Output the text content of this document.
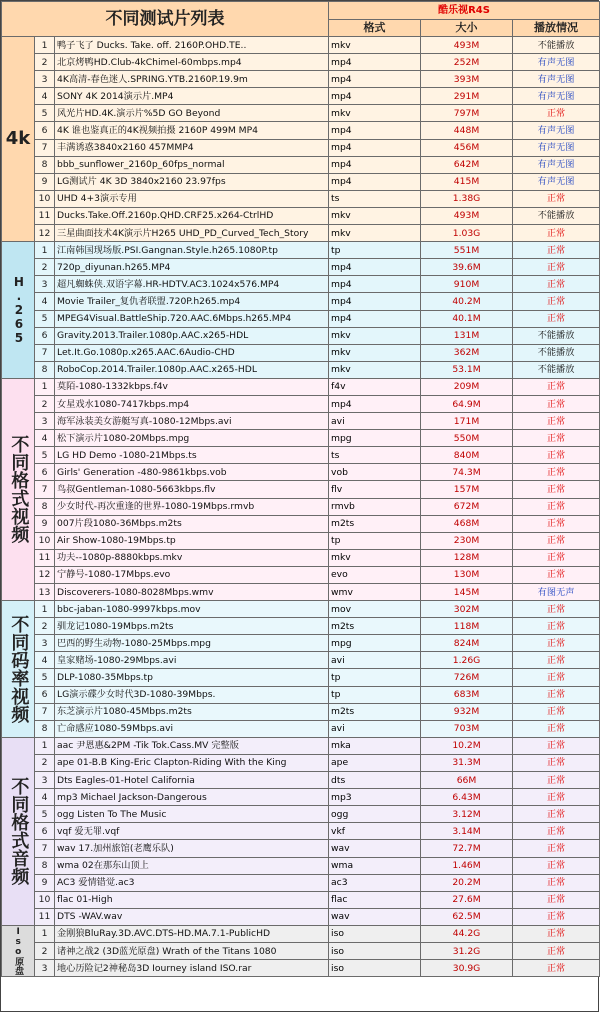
不同测试片列表			酷乐视R4S		
			格式	大小	播放情况
4k	1	鸭子飞了 Ducks. Take. off. 2160P.OHD.TE..	mkv	493M	不能播放
	2	北京烤鸭HD.Club-4kChimel-60mbps.mp4	mp4	252M	有声无图
	3	4K高清-春色迷人.SPRING.YTB.2160P.19.9m	mp4	393M	有声无图
	4	SONY 4K 2014演示片.MP4	mp4	291M	有声无图
	5	风光片HD.4K.演示片%5D GO Beyond	mkv	797M	正常
	6	4K 谁也鉴真正的4K视频拍摄 2160P 499M MP4	mp4	448M	有声无图
	7	丰满诱惑3840x2160 457MMP4	mp4	456M	有声无图
	8	bbb_sunflower_2160p_60fps_normal	mp4	642M	有声无图
	9	LG测试片 4K 3D 3840x2160 23.97fps	mp4	415M	有声无图
	10	UHD 4+3演示专用	ts	1.38G	正常
	11	Ducks.Take.Off.2160p.QHD.CRF25.x264-CtrlHD	mkv	493M	不能播放
	12	三星曲面技术4K演示片H265 UHD_PD_Curved_Tech_Story	mkv	1.03G	正常

H.265	1	江南韩国现场版.PSI.Gangnan.Style.h265.1080P.tp	tp	551M	正常
	2	720p_diyunan.h265.MP4	mp4	39.6M	正常
	3	超凡蜘蛛侠.双语字幕.HR-HDTV.AC3.1024x576.MP4	mp4	910M	正常
	4	Movie Trailer_复仇者联盟.720P.h265.mp4	mp4	40.2M	正常
	5	MPEG4Visual.BattleShip.720.AAC.6Mbps.h265.MP4	mp4	40.1M	正常
	6	Gravity.2013.Trailer.1080p.AAC.x265-HDL	mkv	131M	不能播放
	7	Let.It.Go.1080p.x265.AAC.6Audio-CHD	mkv	362M	不能播放
	8	RoboCop.2014.Trailer.1080p.AAC.x265-HDL	mkv	53.1M	不能播放

不同格式视频	1	莫陌-1080-1332kbps.f4v	f4v	209M	正常
	2	女星戏水1080-7417kbps.mp4	mp4	64.9M	正常
	3	海军泳装美女游艇写真-1080-12Mbps.avi	avi	171M	正常
	4	松下演示片1080-20Mbps.mpg	mpg	550M	正常
	5	LG HD Demo -1080-21Mbps.ts	ts	840M	正常
	6	Girls' Generation -480-9861kbps.vob	vob	74.3M	正常
	7	鸟叔Gentleman-1080-5663kbps.flv	flv	157M	正常
	8	少女时代-再次重逢的世界-1080-19Mbps.rmvb	rmvb	672M	正常
	9	007片段1080-36Mbps.m2ts	m2ts	468M	正常
	10	Air Show-1080-19Mbps.tp	tp	230M	正常
	11	功夫--1080p-8880kbps.mkv	mkv	128M	正常
	12	宁静号-1080-17Mbps.evo	evo	130M	正常
	13	Discoverers-1080-8028Mbps.wmv	wmv	145M	有图无声

不同码率视频	1	bbc-jaban-1080-9997kbps.mov	mov	302M	正常
	2	驯龙记1080-19Mbps.m2ts	m2ts	118M	正常
	3	巴西的野生动物-1080-25Mbps.mpg	mpg	824M	正常
	4	皇家赌场-1080-29Mbps.avi	avi	1.26G	正常
	5	DLP-1080-35Mbps.tp	tp	726M	正常
	6	LG演示碟少女时代3D-1080-39Mbps.	tp	683M	正常
	7	东芝演示片1080-45Mbps.m2ts	m2ts	932M	正常
	8	亡命感应1080-59Mbps.avi	avi	703M	正常

不同格式音频	1	aac 尹恩惠&2PM -Tik Tok.Cass.MV 完整版	mka	10.2M	正常
	2	ape 01-B.B King-Eric Clapton-Riding With the King	ape	31.3M	正常
	3	Dts Eagles-01-Hotel California	dts	66M	正常
	4	mp3 Michael Jackson-Dangerous	mp3	6.43M	正常
	5	ogg Listen To The Music	ogg	3.12M	正常
	6	vqf 爱无罪.vqf	vkf	3.14M	正常
	7	wav 17.加州旅馆(老鹰乐队)	wav	72.7M	正常
	8	wma 02在那东山顶上	wma	1.46M	正常
	9	AC3 爱情错觉.ac3	ac3	20.2M	正常
	10	flac 01-High	flac	27.6M	正常
	11	DTS -WAV.wav	wav	62.5M	正常

Iso原盘	1	金刚狼BluRay.3D.AVC.DTS-HD.MA.7.1-PublicHD	iso	44.2G	正常
	2	诸神之战2 (3D蓝光原盘) Wrath of the Titans 1080	iso	31.2G	正常
	3	地心历险记2神秘岛3D Iourney island ISO.rar	iso	30.9G	正常
